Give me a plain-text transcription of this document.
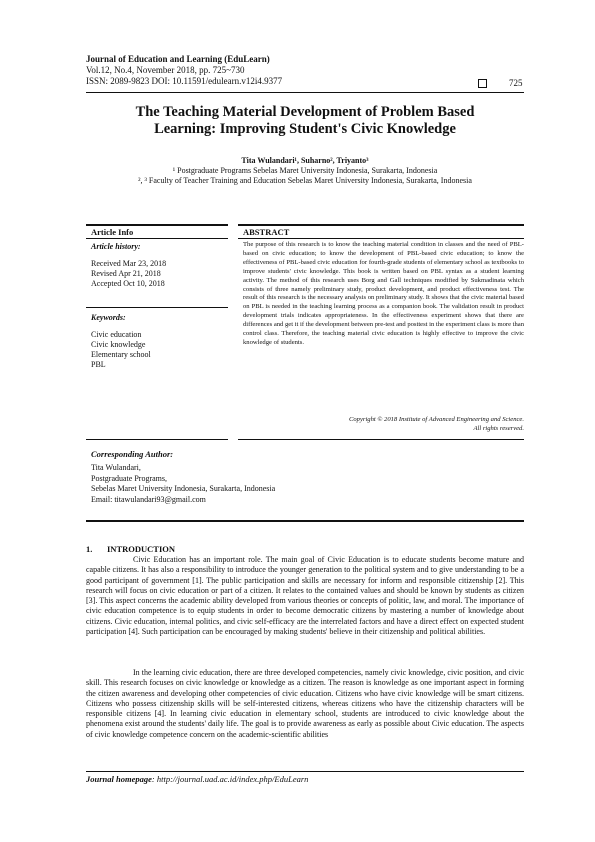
Journal of Education and Learning (EduLearn)
Vol.12, No.4, November 2018, pp. 725~730
ISSN: 2089-9823 DOI: 10.11591/edulearn.v12i4.9377	725
The Teaching Material Development of Problem Based
Learning: Improving Student's Civic Knowledge
Tita Wulandari¹, Suharno², Triyanto³
¹ Postgraduate Programs Sebelas Maret University Indonesia, Surakarta, Indonesia
², ³ Faculty of Teacher Training and Education Sebelas Maret University Indonesia, Surakarta, Indonesia
Article Info	ABSTRACT
Article history:
Received Mar 23, 2018
Revised Apr 21, 2018
Accepted Oct 10, 2018
Keywords:
Civic education
Civic knowledge
Elementary school
PBL
The purpose of this research is to know the teaching material condition in classes and the need of PBL-based on civic education; to know the development of PBL-based civic education; to know the effectiveness of PBL-based civic education for fourth-grade students of elementary school as textbooks to improve students' civic knowledge. This book is written based on PBL syntax as a student learning activity. The method of this research uses Borg and Gall techniques modified by Sukmadinata which consists of three namely preliminary study, product development, and product effectiveness test. The result of this research is the necessary analysis on preliminary study. It shows that the civic material based on PBL is needed in the teaching learning process as a companion book. The validation result in product development trials indicates appropriateness. In the effectiveness experiment shows that there are differences and get it if the development between pre-test and posttest in the experiment class is more than control class. Therefore, the teaching material civic education is highly effective to improve the civic knowledge of students.
Copyright © 2018 Institute of Advanced Engineering and Science.
All rights reserved.
Corresponding Author:
Tita Wulandari,
Postgraduate Programs,
Sebelas Maret University Indonesia, Surakarta, Indonesia
Email: titawulandari93@gmail.com
1. INTRODUCTION
Civic Education has an important role. The main goal of Civic Education is to educate students become mature and capable citizens. It has also a responsibility to introduce the younger generation to the political system and to give understanding to be a good participant of government [1]. The public participation and skills are necessary for inform and responsible citizenship [2]. This research will focus on civic education or part of a citizen. It relates to the contained values and should be known by students as citizen [3]. This aspect concerns the academic ability developed from various theories or concepts of politic, law, and moral. The importance of civic education competence is to equip students in order to become democratic citizens by mastering a number of knowledge about citizens. Civic education, internal politics, and civic self-efficacy are the interrelated factors and have a direct effect on expected student participation [4]. Such participation can be encouraged by making students' believe in their citizenship and political abilities.
In the learning civic education, there are three developed competencies, namely civic knowledge, civic position, and civic skill. This research focuses on civic knowledge or knowledge as a citizen. The reason is knowledge as one important aspect in forming the citizen awareness and developing other competencies of civic education. Citizens who have civic knowledge will be smart citizens. Citizens who possess citizenship skills will be self-interested citizens, whereas citizens who have the citizenship characters will be responsible citizens [4]. In learning civic education in elementary school, students are introduced to civic knowledge about the phenomena exist around the students' daily life. The goal is to provide awareness as early as possible about Civic education. The aspects of civic knowledge competence concern on the academic-scientific abilities
Journal homepage: http://journal.uad.ac.id/index.php/EduLearn
